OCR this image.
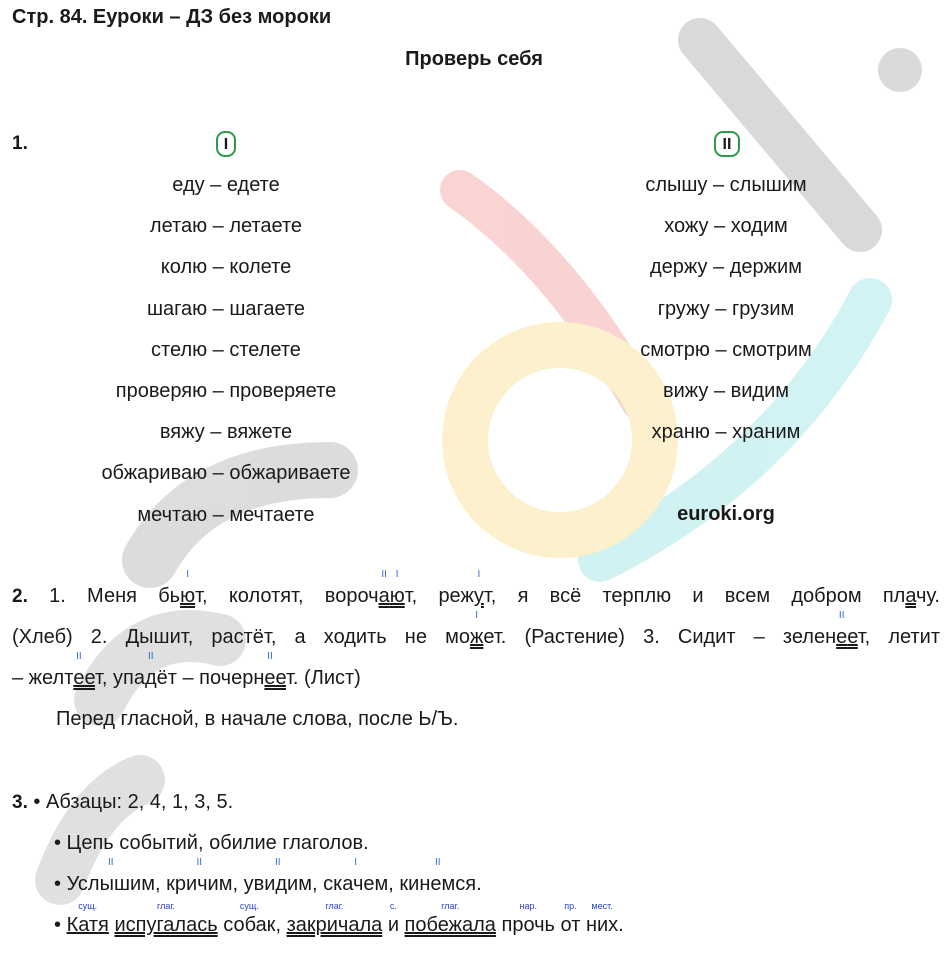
Стр. 84. Еуроки – ДЗ без мороки
Проверь себя
1.	I	II
еду – едете
летаю – летаете
колю – колете
шагаю – шагаете
стелю – стелете
проверяю – проверяете
вяжу – вяжете
обжариваю – обжариваете
мечтаю – мечтаете
слышу – слышим
хожу – ходим
держу – держим
гружу – грузим
смотрю – смотрим
вижу – видим
храню – храним
euroki.org
2. 1. Меня бьI ют, колотят, ворочII аI ют, режI ут, я всё терплю и всем добром плачу.
(Хлеб) 2. Дышит, растёт, а ходить не моI жет. (Растение) 3. Сидит – зеленII еет, летит
– желтII еет, упаII дёт – почернII еет. (Лист)
Перед гласной, в начале слова, после Ь/Ъ.
3. • Абзацы: 2, 4, 1, 3, 5.
• Цепь событий, обилие глаголов.
• II Услышим, II кричим, II увидим, I скачем, II кинемся.
• сущ. Катя глаг. испугалась сущ. собак, глаг. закричала с. и глаг. побежала нар. прочь пр. от мест. них.
